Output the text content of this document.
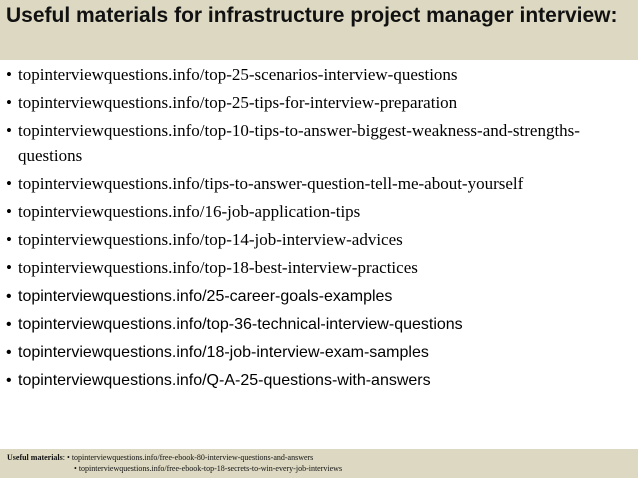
Useful materials for infrastructure project manager interview:
• topinterviewquestions.info/top-25-scenarios-interview-questions
• topinterviewquestions.info/top-25-tips-for-interview-preparation
• topinterviewquestions.info/top-10-tips-to-answer-biggest-weakness-and-strengths-questions
• topinterviewquestions.info/tips-to-answer-question-tell-me-about-yourself
• topinterviewquestions.info/16-job-application-tips
• topinterviewquestions.info/top-14-job-interview-advices
• topinterviewquestions.info/top-18-best-interview-practices
• topinterviewquestions.info/25-career-goals-examples
• topinterviewquestions.info/top-36-technical-interview-questions
• topinterviewquestions.info/18-job-interview-exam-samples
• topinterviewquestions.info/Q-A-25-questions-with-answers
Useful materials: • topinterviewquestions.info/free-ebook-80-interview-questions-and-answers
• topinterviewquestions.info/free-ebook-top-18-secrets-to-win-every-job-interviews
